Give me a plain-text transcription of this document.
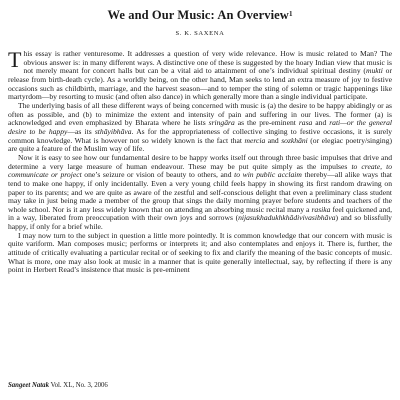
We and Our Music: An Overview$^1$
S. K. SAXENA

This essay is rather venturesome. It addresses a question of very wide relevance. How is music related to Man? The obvious answer is: in many different ways. A distinctive one of these is suggested by the hoary Indian view that music is not merely meant for concert halls but can be a vital aid to attainment of one’s individual spiritual destiny (mukti or release from birth-death cycle). As a worldly being, on the other hand, Man seeks to lend an extra measure of joy to festive occasions such as childbirth, marriage, and the harvest season—and to temper the sting of solemn or tragic happenings like martyrdom—by resorting to music (and often also dance) in which generally more than a single individual participate.

The underlying basis of all these different ways of being concerned with music is (a) the desire to be happy abidingly or as often as possible, and (b) to minimize the extent and intensity of pain and suffering in our lives. The former (a) is acknowledged and even emphasized by Bharata where he lists sringāra as the pre-eminent rasa and rati—or the general desire to be happy—as its sthāyibhāva. As for the appropriateness of collective singing to festive occasions, it is surely common knowledge. What is however not so widely known is the fact that mercia and sozkhāni (or elegiac poetry/singing) are quite a feature of the Muslim way of life.

Now it is easy to see how our fundamental desire to be happy works itself out through three basic impulses that drive and determine a very large measure of human endeavour. These may be put quite simply as the impulses to create, to communicate or project one’s seizure or vision of beauty to others, and to win public acclaim thereby—all alike ways that tend to make one happy, if only incidentally. Even a very young child feels happy in showing its first random drawing on paper to its parents; and we are quite as aware of the zestful and self-conscious delight that even a preliminary class student may take in just being made a member of the group that sings the daily morning prayer before students and teachers of the whole school. Nor is it any less widely known that on attending an absorbing music recital many a rasika feel quickened and, in a way, liberated from preoccupation with their own joys and sorrows (nijasukhadukhkhādivivasibhāva) and so blissfully happy, if only for a brief while.

I may now turn to the subject in question a little more pointedly. It is common knowledge that our concern with music is quite variform. Man composes music; performs or interprets it; and also contemplates and enjoys it. There is, further, the attitude of critically evaluating a particular recital or of seeking to fix and clarify the meaning of the basic concepts of music. What is more, one may also look at music in a manner that is quite generally intellectual, say, by reflecting if there is any point in Herbert Read’s insistence that music is pre-eminent

Sangeet Natak Vol. XL, No. 3, 2006
